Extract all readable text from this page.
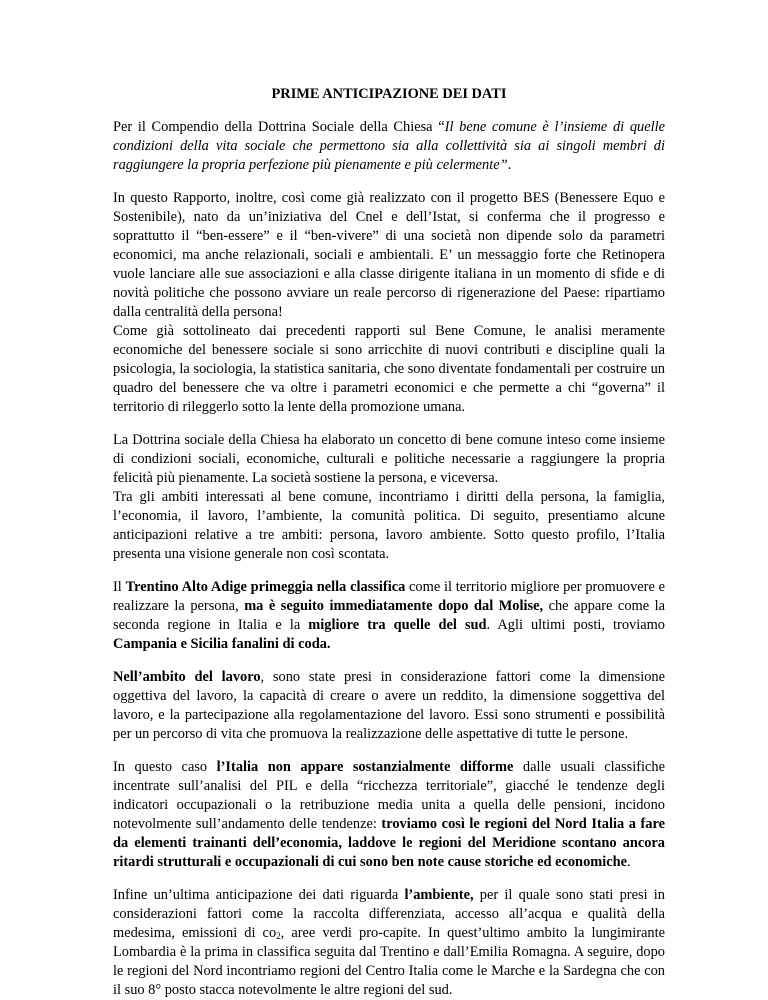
PRIME ANTICIPAZIONE DEI DATI

Per il Compendio della Dottrina Sociale della Chiesa “Il bene comune è l’insieme di quelle condizioni della vita sociale che permettono sia alla collettività sia ai singoli membri di raggiungere la propria perfezione più pienamente e più celermente”.

In questo Rapporto, inoltre, così come già realizzato con il progetto BES (Benessere Equo e Sostenibile), nato da un’iniziativa del Cnel e dell’Istat, si conferma che il progresso e soprattutto il “ben-essere” e il “ben-vivere” di una società non dipende solo da parametri economici, ma anche relazionali, sociali e ambientali. E’ un messaggio forte che Retinopera vuole lanciare alle sue associazioni e alla classe dirigente italiana in un momento di sfide e di novità politiche che possono avviare un reale percorso di rigenerazione del Paese: ripartiamo dalla centralità della persona!

Come già sottolineato dai precedenti rapporti sul Bene Comune, le analisi meramente economiche del benessere sociale si sono arricchite di nuovi contributi e discipline quali la psicologia, la sociologia, la statistica sanitaria, che sono diventate fondamentali per costruire un quadro del benessere che va oltre i parametri economici e che permette a chi “governa” il territorio di rileggerlo sotto la lente della promozione umana.

La Dottrina sociale della Chiesa ha elaborato un concetto di bene comune inteso come insieme di condizioni sociali, economiche, culturali e politiche necessarie a raggiungere la propria felicità più pienamente. La società sostiene la persona, e viceversa.

Tra gli ambiti interessati al bene comune, incontriamo i diritti della persona, la famiglia, l’economia, il lavoro, l’ambiente, la comunità politica. Di seguito, presentiamo alcune anticipazioni relative a tre ambiti: persona, lavoro ambiente. Sotto questo profilo, l’Italia presenta una visione generale non così scontata.

Il Trentino Alto Adige primeggia nella classifica come il territorio migliore per promuovere e realizzare la persona, ma è seguito immediatamente dopo dal Molise, che appare come la seconda regione in Italia e la migliore tra quelle del sud. Agli ultimi posti, troviamo Campania e Sicilia fanalini di coda.

Nell’ambito del lavoro, sono state presi in considerazione fattori come la dimensione oggettiva del lavoro, la capacità di creare o avere un reddito, la dimensione soggettiva del lavoro, e la partecipazione alla regolamentazione del lavoro. Essi sono strumenti e possibilità per un percorso di vita che promuova la realizzazione delle aspettative di tutte le persone.

In questo caso l’Italia non appare sostanzialmente difforme dalle usuali classifiche incentrate sull’analisi del PIL e della “ricchezza territoriale”, giacché le tendenze degli indicatori occupazionali o la retribuzione media unita a quella delle pensioni, incidono notevolmente sull’andamento delle tendenze: troviamo così le regioni del Nord Italia a fare da elementi trainanti dell’economia, laddove le regioni del Meridione scontano ancora ritardi strutturali e occupazionali di cui sono ben note cause storiche ed economiche.

Infine un’ultima anticipazione dei dati riguarda l’ambiente, per il quale sono stati presi in considerazioni fattori come la raccolta differenziata, accesso all’acqua e qualità della medesima, emissioni di $co_2$, aree verdi pro-capite. In quest’ultimo ambito la lungimirante Lombardia è la prima in classifica seguita dal Trentino e dall’Emilia Romagna. A seguire, dopo le regioni del Nord incontriamo regioni del Centro Italia come le Marche e la Sardegna che con il suo 8° posto stacca notevolmente le altre regioni del sud.
